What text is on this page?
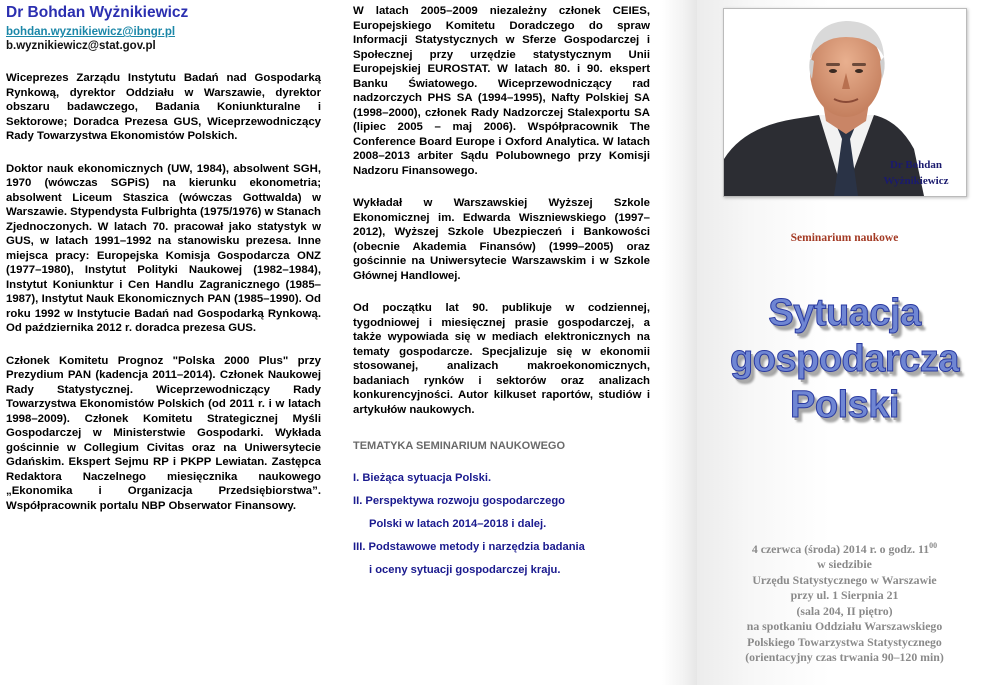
Dr Bohdan Wyżnikiewicz
bohdan.wyznikiewicz@ibngr.pl
b.wyznikiewicz@stat.gov.pl

Wiceprezes Zarządu Instytutu Badań nad Gospodarką Rynkową, dyrektor Oddziału w Warszawie, dyrektor obszaru badawczego, Badania Koniunkturalne i Sektorowe; Doradca Prezesa GUS, Wiceprzewodniczący Rady Towarzystwa Ekonomistów Polskich.

Doktor nauk ekonomicznych (UW, 1984), absolwent SGH, 1970 (wówczas SGPiS) na kierunku ekonometria; absolwent Liceum Staszica (wówczas Gottwalda) w Warszawie. Stypendysta Fulbrighta (1975/1976) w Stanach Zjednoczonych. W latach 70. pracował jako statystyk w GUS, w latach 1991–1992 na stanowisku prezesa. Inne miejsca pracy: Europejska Komisja Gospodarcza ONZ (1977–1980), Instytut Polityki Naukowej (1982–1984), Instytut Koniunktur i Cen Handlu Zagranicznego (1985–1987), Instytut Nauk Ekonomicznych PAN (1985–1990). Od roku 1992 w Instytucie Badań nad Gospodarką Rynkową. Od października 2012 r. doradca prezesa GUS.

Członek Komitetu Prognoz "Polska 2000 Plus" przy Prezydium PAN (kadencja 2011–2014). Członek Naukowej Rady Statystycznej. Wiceprzewodniczący Rady Towarzystwa Ekonomistów Polskich (od 2011 r. i w latach 1998–2009). Członek Komitetu Strategicznej Myśli Gospodarczej w Ministerstwie Gospodarki. Wykłada gościnnie w Collegium Civitas oraz na Uniwersytecie Gdańskim. Ekspert Sejmu RP i PKPP Lewiatan. Zastępca Redaktora Naczelnego miesięcznika naukowego „Ekonomika i Organizacja Przedsiębiorstwa”. Współpracownik portalu NBP Obserwator Finansowy.

W latach 2005–2009 niezależny członek CEIES, Europejskiego Komitetu Doradczego do spraw Informacji Statystycznych w Sferze Gospodarczej i Społecznej przy urzędzie statystycznym Unii Europejskiej EUROSTAT. W latach 80. i 90. ekspert Banku Światowego. Wiceprzewodniczący rad nadzorczych PHS SA (1994–1995), Nafty Polskiej SA (1998–2000), członek Rady Nadzorczej Stalexportu SA (lipiec 2005 – maj 2006). Współpracownik The Conference Board Europe i Oxford Analytica. W latach 2008–2013 arbiter Sądu Polubownego przy Komisji Nadzoru Finansowego.

Wykładał w Warszawskiej Wyższej Szkole Ekonomicznej im. Edwarda Wiszniewskiego (1997–2012), Wyższej Szkole Ubezpieczeń i Bankowości (obecnie Akademia Finansów) (1999–2005) oraz gościnnie na Uniwersytecie Warszawskim i w Szkole Głównej Handlowej.

Od początku lat 90. publikuje w codziennej, tygodniowej i miesięcznej prasie gospodarczej, a także wypowiada się w mediach elektronicznych na tematy gospodarcze. Specjalizuje się w ekonomii stosowanej, analizach makroekonomicznych, badaniach rynków i sektorów oraz analizach konkurencyjności. Autor kilkuset raportów, studiów i artykułów naukowych.

TEMATYKA SEMINARIUM NAUKOWEGO

I. Bieżąca sytuacja Polski.

II. Perspektywa rozwoju gospodarczego

Polski w latach 2014–2018 i dalej.

III. Podstawowe metody i narzędzia badania

i oceny sytuacji gospodarczej kraju.

Dr Bohdan
Wyżnikiewicz
Seminarium naukowe
Sytuacja
gospodarcza
Polski
4 czerwca (środa) 2014 r. o godz. $11^{00}$
w siedzibie
Urzędu Statystycznego w Warszawie
przy ul. 1 Sierpnia 21
(sala 204, II piętro)
na spotkaniu Oddziału Warszawskiego
Polskiego Towarzystwa Statystycznego
(orientacyjny czas trwania 90–120 min)
